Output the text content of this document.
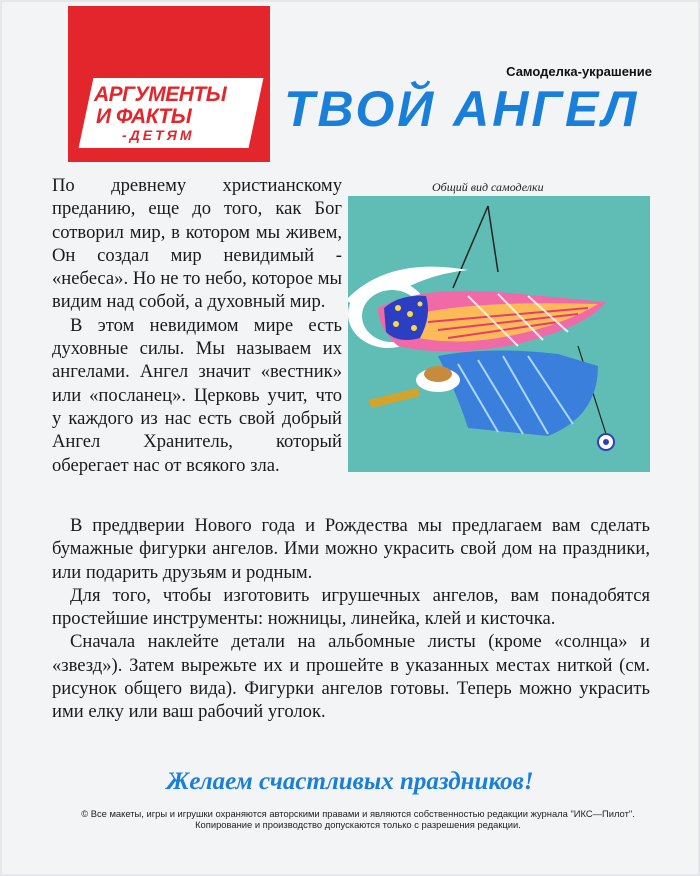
АРГУМЕНТЫ
И ФАКТЫ
-ДЕТЯМ
Самоделка-украшение
ТВОЙ АНГЕЛ
Общий вид самоделки

По древнему христианскому преданию, еще до того, как Бог сотворил мир, в котором мы живем, Он создал мир невидимый - «небеса». Но не то небо, которое мы видим над собой, а духовный мир.

В этом невидимом мире есть духовные силы. Мы называем их ангелами. Ангел значит «вестник» или «посланец». Церковь учит, что у каждого из нас есть свой добрый Ангел Хранитель, который оберегает нас от всякого зла.

В преддверии Нового года и Рождества мы предлагаем вам сделать бумажные фигурки ангелов. Ими можно украсить свой дом на праздники, или подарить друзьям и родным.

Для того, чтобы изготовить игрушечных ангелов, вам понадобятся простейшие инструменты: ножницы, линейка, клей и кисточка.

Сначала наклейте детали на альбомные листы (кроме «солнца» и «звезд»). Затем вырежьте их и прошейте в указанных местах ниткой (см. рисунок общего вида). Фигурки ангелов готовы. Теперь можно украсить ими елку или ваш рабочий уголок.

Желаем счастливых праздников!
© Все макеты, игры и игрушки охраняются авторскими правами и являются собственностью редакции журнала "ИКС—Пилот".
Копирование и производство допускаются только с разрешения редакции.
